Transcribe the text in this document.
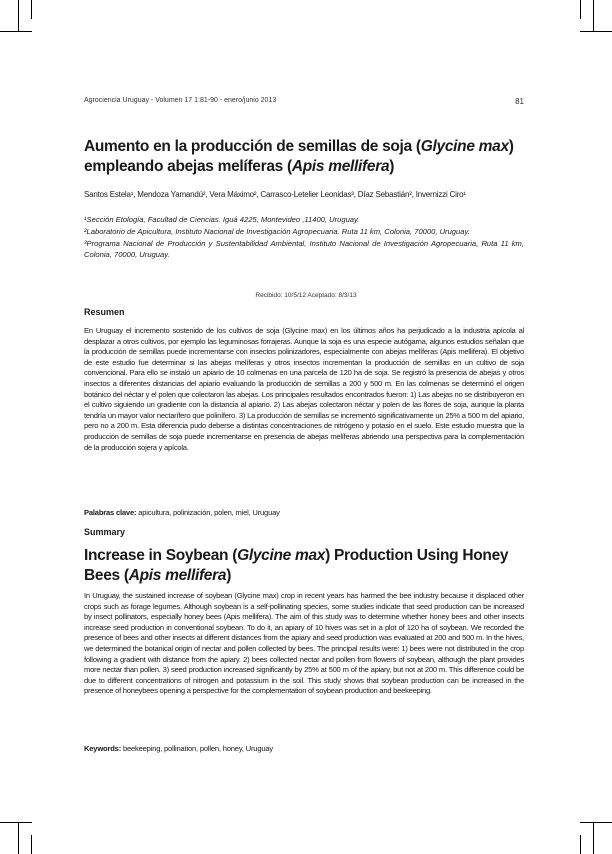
Agrociencia Uruguay - Volumen 17 1:81-90 - enero/junio 2013	81
Aumento en la producción de semillas de soja (Glycine max) empleando abejas melíferas (Apis mellifera)
Santos Estela¹, Mendoza Yamandú², Vera Máximo², Carrasco-Letelier Leonidas³, Díaz Sebastián², Invernizzi Ciro¹

¹Sección Etología, Facultad de Ciencias. Iguá 4225, Montevideo ,11400, Uruguay.

²Laboratorio de Apicultura, Instituto Nacional de Investigación Agropecuaria. Ruta 11 km, Colonia, 70000, Uruguay.

³Programa Nacional de Producción y Sustentabilidad Ambiental, Instituto Nacional de Investigación Agropecuaria, Ruta 11 km, Colonia, 70000, Uruguay.

Recibido: 10/5/12 Aceptado: 8/3/13
Resumen
En Uruguay el incremento sostenido de los cultivos de soja (Glycine max) en los últimos años ha perjudicado a la industria apícola al desplazar a otros cultivos, por ejemplo las leguminosas forrajeras. Aunque la soja es una especie autógama, algunos estudios señalan que la producción de semillas puede incrementarse con insectos polinizadores, especialmente con abejas melíferas (Apis mellifera). El objetivo de este estudio fue determinar si las abejas melíferas y otros insectos incrementan la producción de semillas en un cultivo de soja convencional. Para ello se instaló un apiario de 10 colmenas en una parcela de 120 ha de soja. Se registró la presencia de abejas y otros insectos a diferentes distancias del apiario evaluando la producción de semillas a 200 y 500 m. En las colmenas se determinó el origen botánico del néctar y el polen que colectaron las abejas. Los principales resultados encontrados fueron: 1) Las abejas no se distribuyeron en el cultivo siguiendo un gradiente con la distancia al apiario. 2) Las abejas colectaron néctar y polen de las flores de soja, aunque la planta tendría un mayor valor nectarífero que polinífero. 3) La producción de semillas se incrementó significativamente un 25% a 500 m del apiario, pero no a 200 m. Esta diferencia pudo deberse a distintas concentraciones de nitrógeno y potasio en el suelo. Este estudio muestra que la producción de semillas de soja puede incrementarse en presencia de abejas melíferas abriendo una perspectiva para la complementación de la producción sojera y apícola.
Palabras clave: apicultura, polinización, polen, miel, Uruguay
Summary
Increase in Soybean (Glycine max) Production Using Honey Bees (Apis mellifera)
In Uruguay, the sustained increase of soybean (Glycine max) crop in recent years has harmed the bee industry because it displaced other crops such as forage legumes. Although soybean is a self-pollinating species, some studies indicate that seed production can be increased by insect pollinators, especially honey bees (Apis mellifera). The aim of this study was to determine whether honey bees and other insects increase seed production in conventional soybean. To do it, an apiary of 10 hives was set in a plot of 120 ha of soybean. We recorded the presence of bees and other insects at different distances from the apiary and seed production was evaluated at 200 and 500 m. In the hives, we determined the botanical origin of nectar and pollen collected by bees. The principal results were: 1) bees were not distributed in the crop following a gradient with distance from the apiary. 2) bees collected nectar and pollen from flowers of soybean, although the plant provides more nectar than pollen. 3) seed production increased significantly by 25% at 500 m of the apiary, but not at 200 m. This difference could be due to different concentrations of nitrogen and potassium in the soil. This study shows that soybean production can be increased in the presence of honeybees opening a perspective for the complementation of soybean production and beekeeping.
Keywords: beekeeping, pollination, pollen, honey, Uruguay
